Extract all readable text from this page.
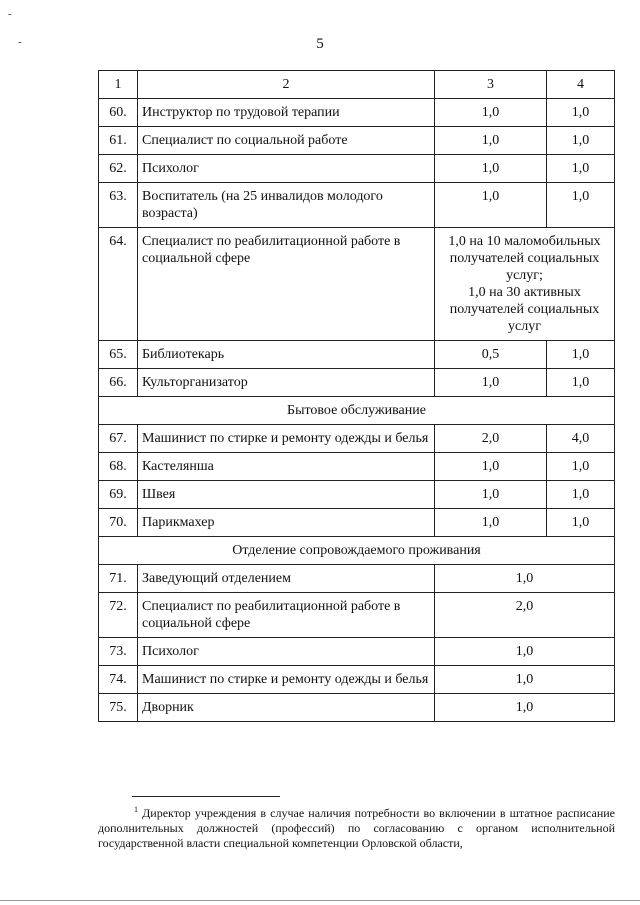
5
-
-
1	2	3	4
60.	Инструктор по трудовой терапии	1,0	1,0
61.	Специалист по социальной работе	1,0	1,0
62.	Психолог	1,0	1,0
63.	Воспитатель (на 25 инвалидов молодого возраста)	1,0	1,0
64.	Специалист по реабилитационной работе в социальной сфере	1,0 на 10 маломобильных получателей социальных услуг;
1,0 на 30 активных получателей социальных услуг	
65.	Библиотекарь	0,5	1,0
66.	Культорганизатор	1,0	1,0
Бытовое обслуживание			
67.	Машинист по стирке и ремонту одежды и белья	2,0	4,0
68.	Кастелянша	1,0	1,0
69.	Швея	1,0	1,0
70.	Парикмахер	1,0	1,0
Отделение сопровождаемого проживания			
71.	Заведующий отделением	1,0	
72.	Специалист по реабилитационной работе в социальной сфере	2,0	
73.	Психолог	1,0	
74.	Машинист по стирке и ремонту одежды и белья	1,0	
75.	Дворник	1,0	
$^1$ Директор учреждения в случае наличия потребности во включении в штатное расписание дополнительных должностей (профессий) по согласованию с органом исполнительной государственной власти специальной компетенции Орловской области,
